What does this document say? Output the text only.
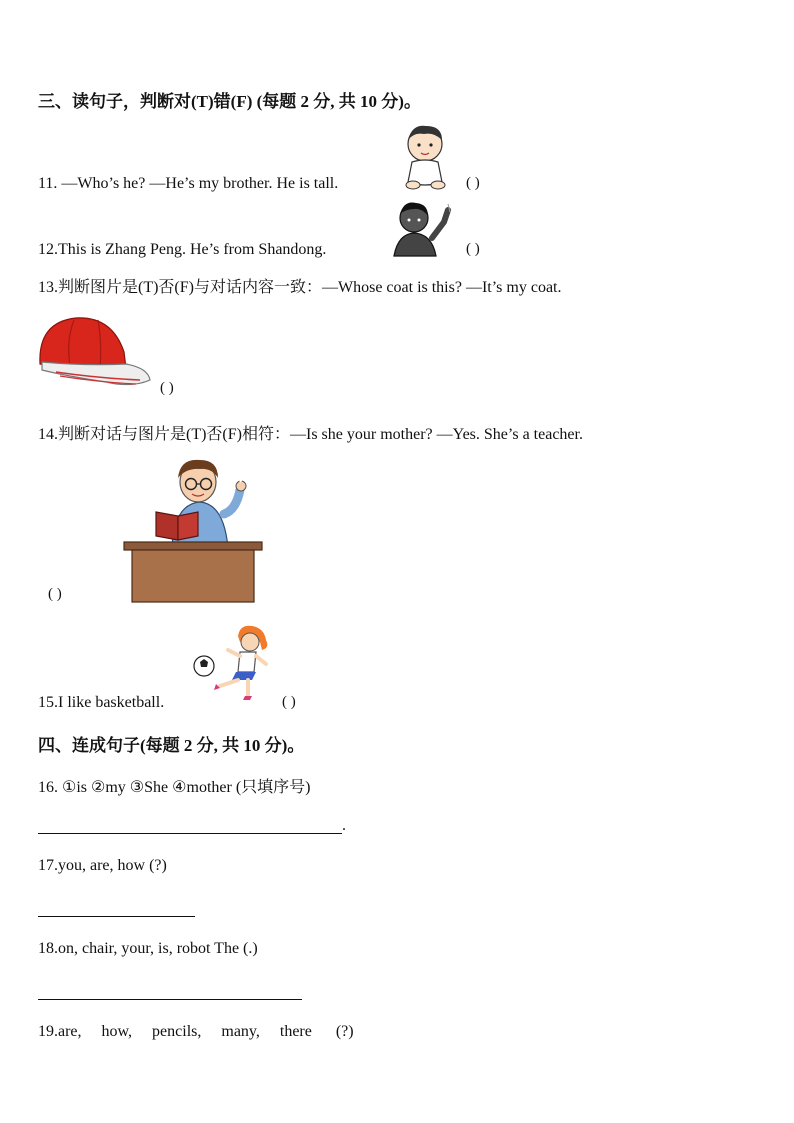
三、读句子，判断对(T)错(F) (每题 2 分, 共 10 分)。
11. —Who’s he? —He’s my brother. He is tall.	( )
12.This is Zhang Peng. He’s from Shandong.	( )
13.判断图片是(T)否(F)与对话内容一致：—Whose coat is this? —It’s my coat.
( )
14.判断对话与图片是(T)否(F)相符：—Is she your mother? —Yes. She’s a teacher.
( )
15.I like basketball.	( )
四、连成句子(每题 2 分, 共 10 分)。
16. ①is ②my ③She ④mother (只填序号)
.
17.you, are, how (?)
18.on, chair, your, is, robot The (.)
19.are,     how,     pencils,     many,     there      (?)
